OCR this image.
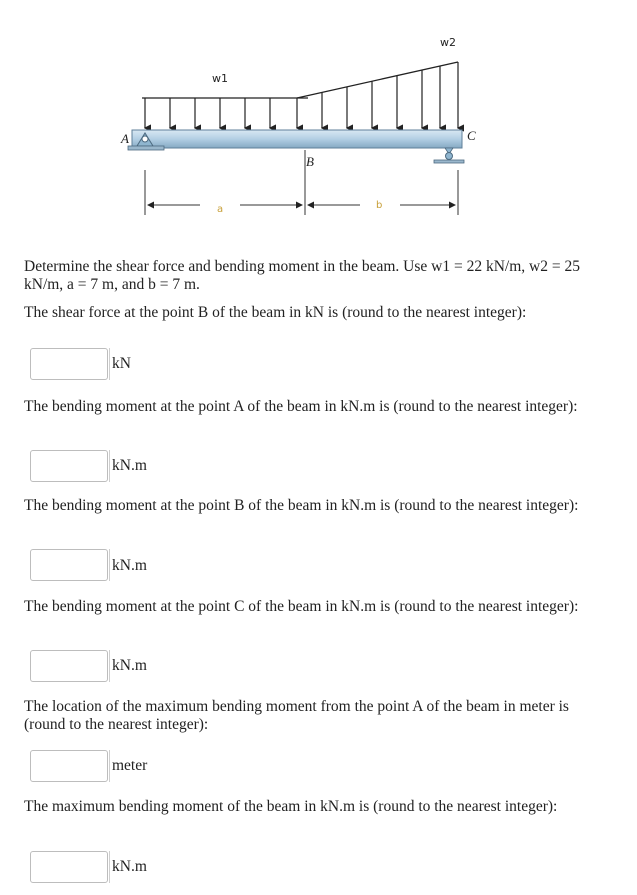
w1
w2
A
B
C
a	b
Determine the shear force and bending moment in the beam. Use w1 = 22 kN/m, w2 = 25 kN/m, a = 7 m, and b = 7 m.
The shear force at the point B of the beam in kN is (round to the nearest integer):
kN
The bending moment at the point A of the beam in kN.m is (round to the nearest integer):
kN.m
The bending moment at the point B of the beam in kN.m is (round to the nearest integer):
kN.m
The bending moment at the point C of the beam in kN.m is (round to the nearest integer):
kN.m
The location of the maximum bending moment from the point A of the beam in meter is (round to the nearest integer):
meter
The maximum bending moment of the beam in kN.m is (round to the nearest integer):
kN.m
